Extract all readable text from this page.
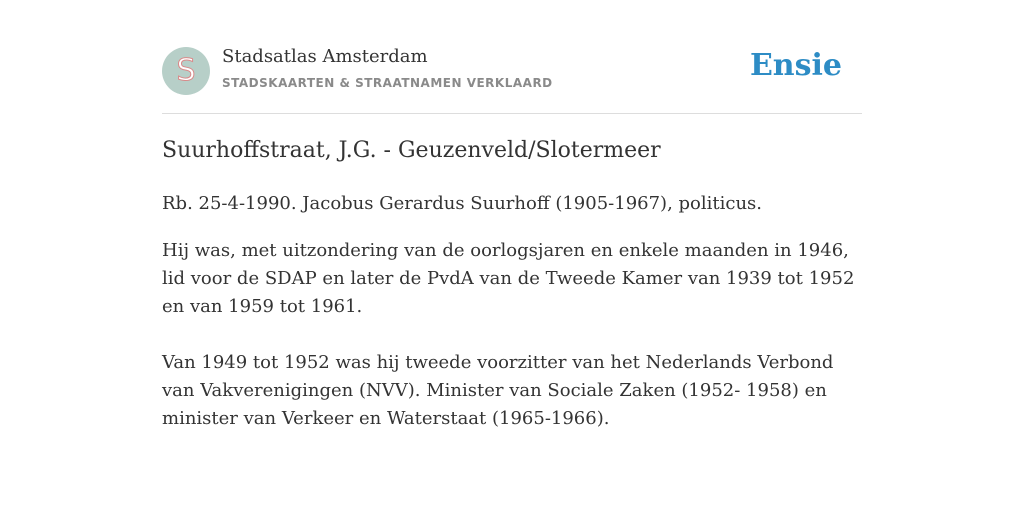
S	Stadsatlas Amsterdam
STADSKAARTEN & STRAATNAMEN VERKLAARD	Ensie
Suurhoffstraat, J.G. - Geuzenveld/Slotermeer

Rb. 25-4-1990. Jacobus Gerardus Suurhoff (1905-1967), politicus.

Hij was, met uitzondering van de oorlogsjaren en enkele maanden in 1946, lid voor de SDAP en later de PvdA van de Tweede Kamer van 1939 tot 1952 en van 1959 tot 1961.

Van 1949 tot 1952 was hij tweede voorzitter van het Nederlands Verbond van Vakverenigingen (NVV). Minister van Sociale Zaken (1952- 1958) en minister van Verkeer en Waterstaat (1965-1966).
